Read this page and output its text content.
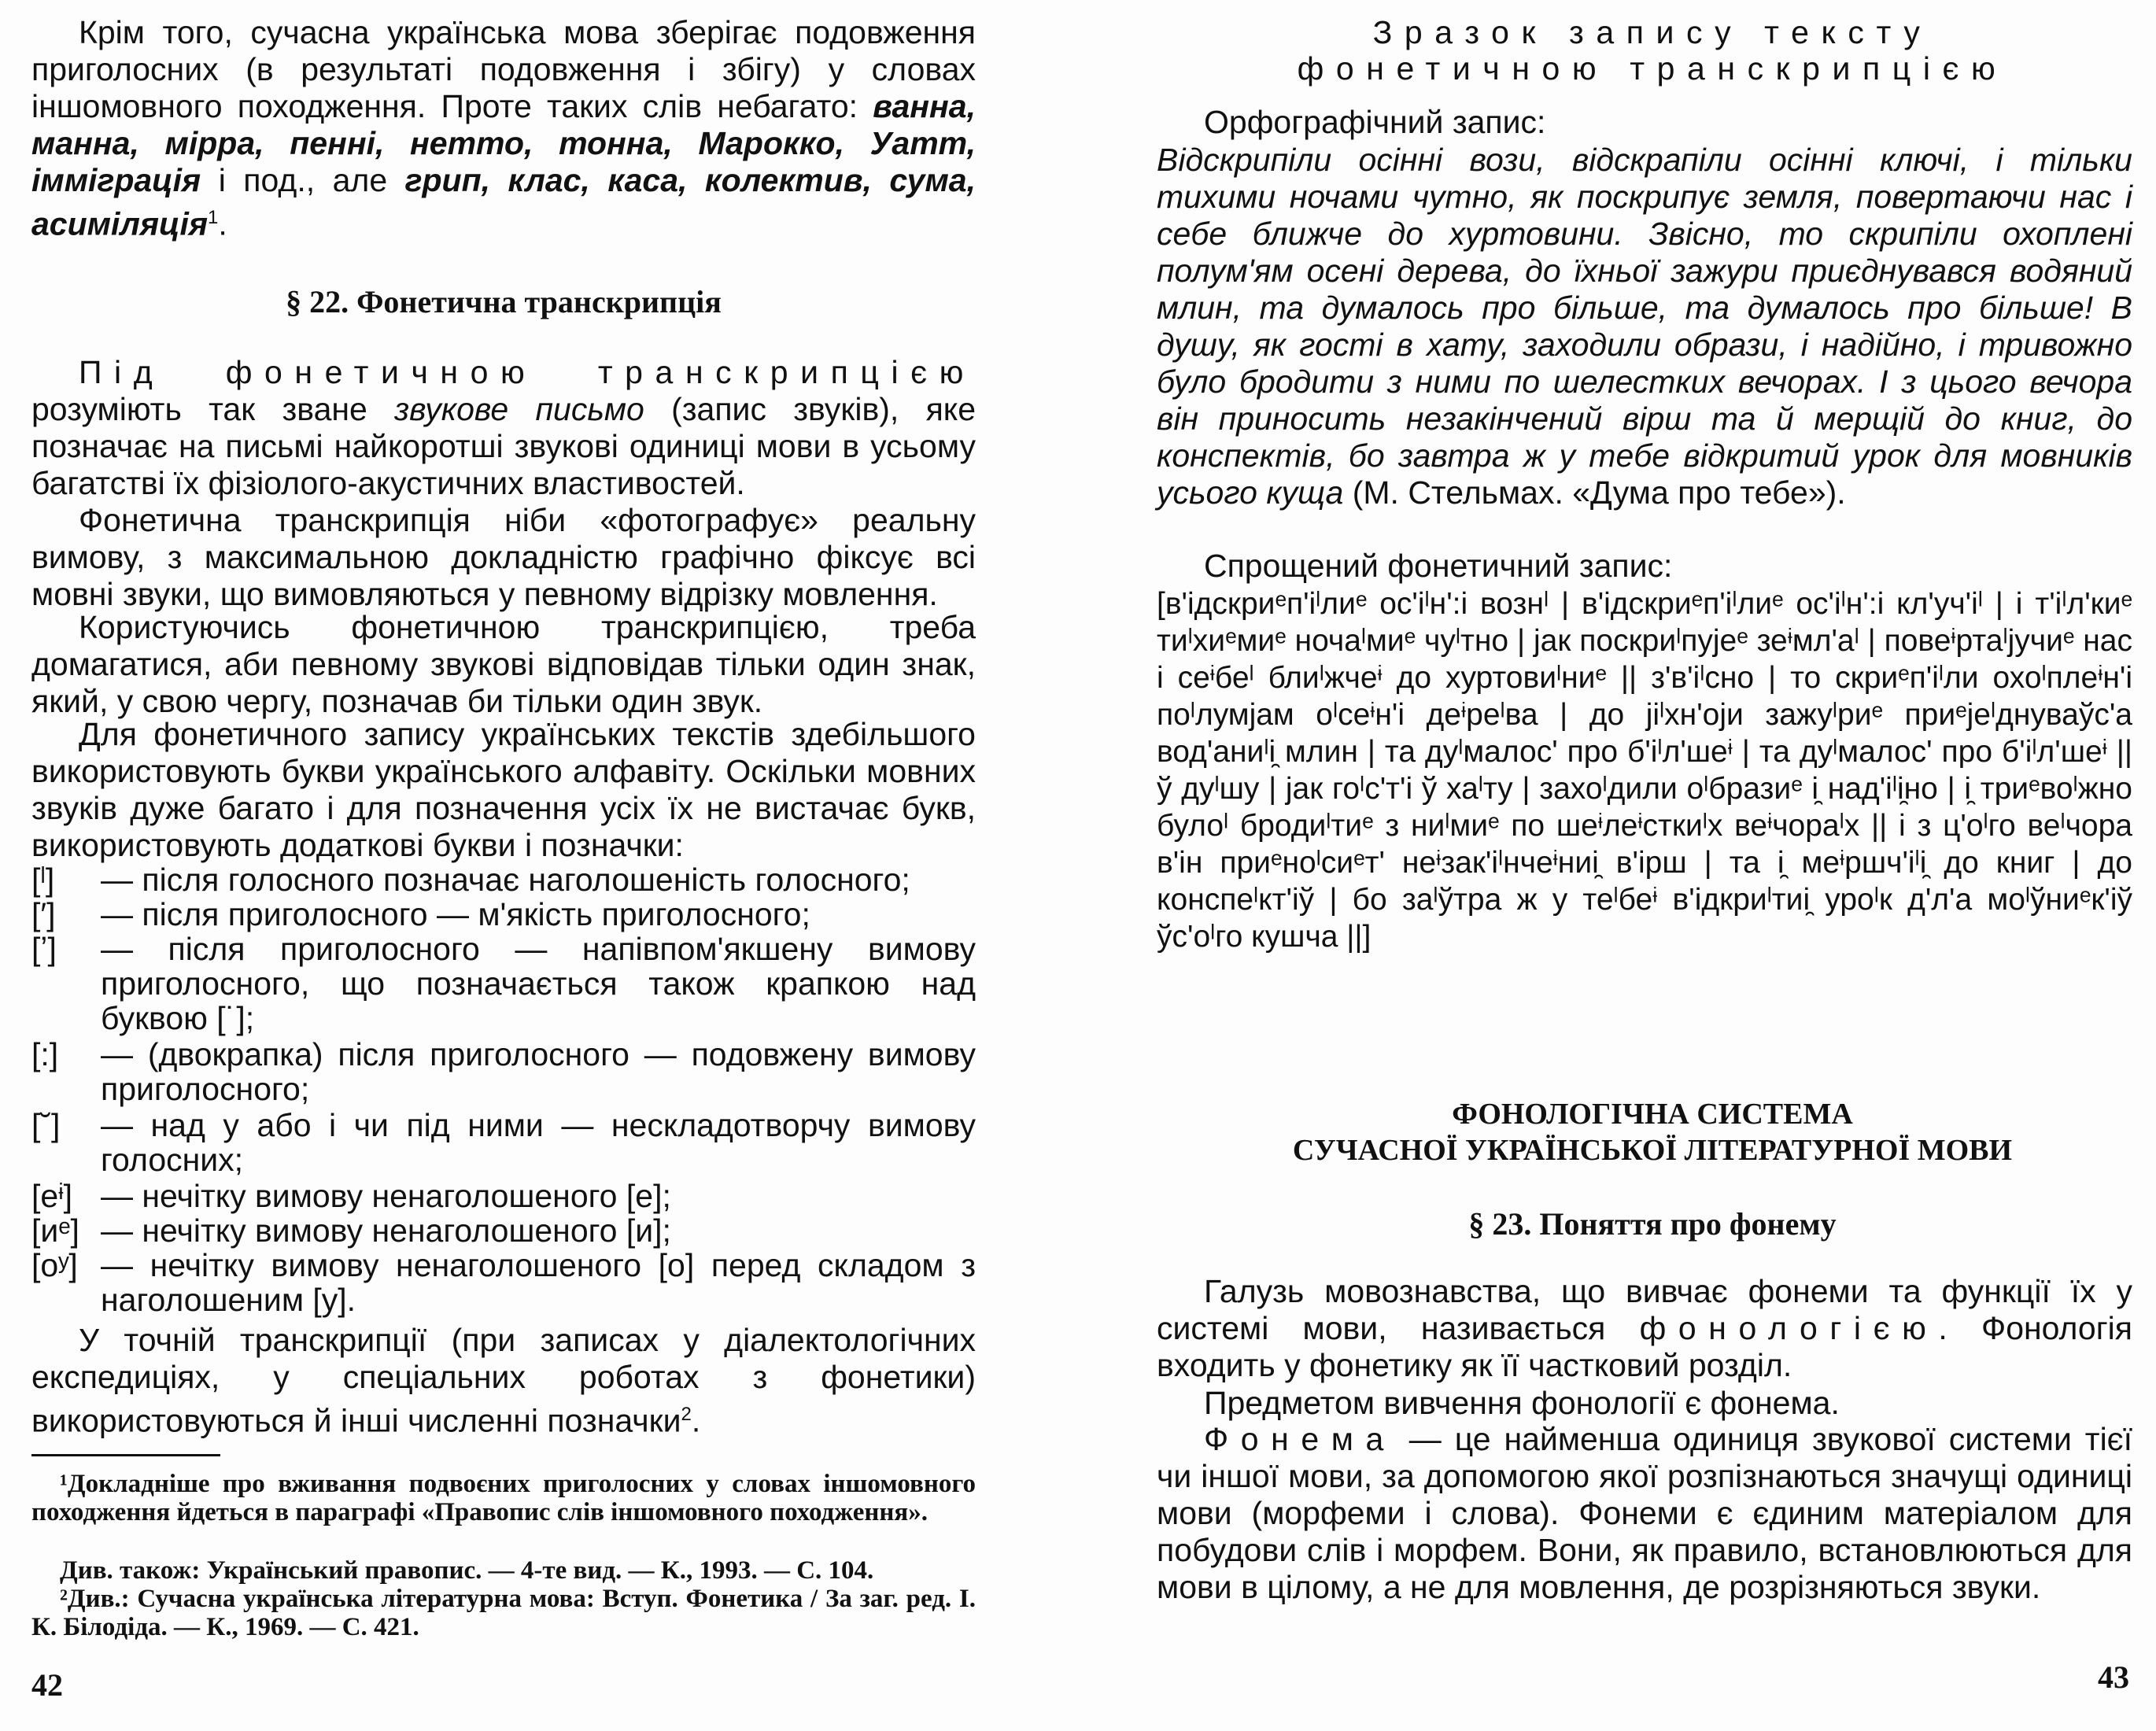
Крім того, сучасна українська мова зберігає подовження приголосних (в результаті подовження і збігу) у словах іншомовного походження. Проте таких слів небагато: ванна, манна, мірра, пенні, нетто, тонна, Марокко, Уатт, імміграція і под., але грип, клас, каса, колектив, сума, асиміляція$^1$.

§ 22. Фонетична транскрипція

Під фонетичною транскрипцією розуміють так зване звукове письмо (запис звуків), яке позначає на письмі найкоротші звукові одиниці мови в усьому багатстві їх фізіолого-акустичних властивостей.

Фонетична транскрипція ніби «фотографує» реальну вимову, з максимальною докладністю графічно фіксує всі мовні звуки, що вимовляються у певному відрізку мовлення.

Користуючись фонетичною транскрипцією, треба домагатися, аби певному звукові відповідав тільки один знак, який, у свою чергу, позначав би тільки один звук.

Для фонетичного запису українських текстів здебільшого використовують букви українського алфавіту. Оскільки мовних звуків дуже багато і для позначення усіх їх не вистачає букв, використовують додаткові букви і позначки:

[ˡ] — після голосного позначає наголошеність голосного;
[′] — після приголосного — м'якість приголосного;
[ʼ] — після приголосного — напівпом'якшену вимову приголосного, що позначається також крапкою над буквою [˙];
[:] — (двокрапка) після приголосного — подовжену вимову приголосного;
[˘] — над у або і чи під ними — нескладотворчу вимову голосних;
[еᶤ] — нечітку вимову ненаголошеного [е];
[иᵉ] — нечітку вимову ненаголошеного [и];
[оʸ] — нечітку вимову ненаголошеного [о] перед складом з наголошеним [у].

У точній транскрипції (при записах у діалектологічних експедиціях, у спеціальних роботах з фонетики) використовуються й інші численні позначки$^2$.

¹Докладніше про вживання подвоєних приголосних у словах іншомовного походження йдеться в параграфі «Правопис слів іншомовного походження».

Див. також: Український правопис. — 4-те вид. — К., 1993. — С. 104.

²Див.: Сучасна українська літературна мова: Вступ. Фонетика / За заг. ред. І. К. Білодіда. — К., 1969. — С. 421.

42
Зразок запису тексту
фонетичною транскрипцією
Орфографічний запис:

Відскрипіли осінні вози, відскрапіли осінні ключі, і тільки тихими ночами чутно, як поскрипує земля, повертаючи нас і себе ближче до хуртовини. Звісно, то скрипіли охоплені полум'ям осені дерева, до їхньої зажури приєднувався водяний млин, та думалось про більше, та думалось про більше! В душу, як гості в хату, заходили образи, і надійно, і тривожно було бродити з ними по шелестких вечорах. І з цього вечора він приносить незакінчений вірш та й мерщій до книг, до конспектів, бо завтра ж у тебе відкритий урок для мовників усього куща (М. Стельмах. «Дума про тебе»).

Спрощений фонетичний запис:

[в'ідскриᵉп'іˡлиᵉ ос'іˡн':і вознˡ | в'ідскриᵉп'іˡлиᵉ ос'іˡн':і кл'уч'іˡ | і т'іˡл'киᵉ тиˡхиᵉмиᵉ ночаˡмиᵉ чуˡтно | јак поскриˡпујеᵉ зеᶤмл'аˡ | повеᶤртаˡјучиᵉ нас і сеᶤбеˡ блиˡжчеᶤ до хуртовиˡниᵉ || з'в'іˡсно | то скриᵉп'іˡли охоˡплеᶤн'і поˡлумјам оˡсеᶤн'і деᶤреˡва | до јіˡхн'оји зажуˡриᵉ приᵉјеˡднуваўс'а вод'аниˡі̯ млин | та дуˡмалос' про б'іˡл'шеᶤ | та дуˡмалос' про б'іˡл'шеᶤ || ў дуˡшу | јак гоˡс'т'і ў хаˡту | захоˡдили оˡбразиᵉ і̯ над'іˡі̯но | і̯ триᵉвоˡжно булоˡ бродиˡтиᵉ з ниˡмиᵉ по шеᶤлеᶤсткиˡх веᶤчораˡх || і з ц'оˡго веˡчора в'ін приᵉноˡсиᵉт' неᶤзак'іˡнчеᶤниі̯ в'ірш | та і̯ меᶤршч'іˡі̯ до книг | до конспеˡкт'іў | бо заˡўтра ж у теˡбеᶤ в'ідкриˡтиі̯ уроˡк д'л'а моˡўниᵉк'іў ўс'оˡго кушча ||]

ФОНОЛОГІЧНА СИСТЕМА
СУЧАСНОЇ УКРАЇНСЬКОЇ ЛІТЕРАТУРНОЇ МОВИ
§ 23. Поняття про фонему

Галузь мовознавства, що вивчає фонеми та функції їх у системі мови, називається фонологією. Фонологія входить у фонетику як її частковий розділ.

Предметом вивчення фонології є фонема.

Фонема — це найменша одиниця звукової системи тієї чи іншої мови, за допомогою якої розпізнаються значущі одиниці мови (морфеми і слова). Фонеми є єдиним матеріалом для побудови слів і морфем. Вони, як правило, встановлюються для мови в цілому, а не для мовлення, де розрізняються звуки.

43
